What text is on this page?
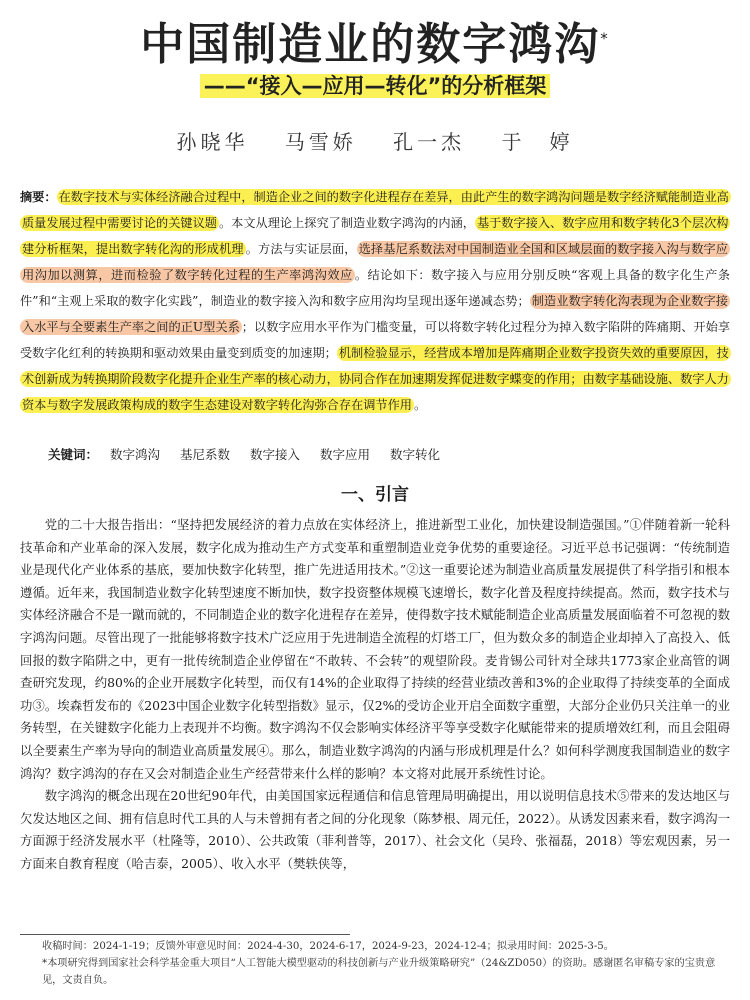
中国制造业的数字鸿沟*
——“接入—应用—转化”的分析框架
孙晓华 马雪娇 孔一杰 于　婷
摘要： 在数字技术与实体经济融合过程中，制造企业之间的数字化进程存在差异，由此产生的数字鸿沟问题是数字经济赋能制造业高质量发展过程中需要讨论的关键议题 。本文从理论上探究了制造业数字鸿沟的内涵， 基于数字接入、数字应用和数字转化3个层次构建分析框架，提出数字转化沟的形成机理 。方法与实证层面， 选择基尼系数法对中国制造业全国和区域层面的数字接入沟与数字应用沟加以测算，进而检验了数字转化过程的生产率鸿沟效应 。结论如下：数字接入与应用分别反映“客观上具备的数字化生产条件”和“主观上采取的数字化实践”，制造业的数字接入沟和数字应用沟均呈现出逐年递减态势； 制造业数字转化沟表现为企业数字接入水平与全要素生产率之间的正U型关系 ；以数字应用水平作为门槛变量，可以将数字转化过程分为掉入数字陷阱的阵痛期、开始享受数字化红利的转换期和驱动效果由量变到质变的加速期； 机制检验显示，经营成本增加是阵痛期企业数字投资失效的重要原因，技术创新成为转换期阶段数字化提升企业生产率的核心动力，协同合作在加速期发挥促进数字蝶变的作用；由数字基础设施、数字人力资本与数字发展政策构成的数字生态建设对数字转化沟弥合存在调节作用 。
关键词： 数字鸿沟 基尼系数 数字接入 数字应用 数字转化
一、引言

党的二十大报告指出：“坚持把发展经济的着力点放在实体经济上，推进新型工业化，加快建设制造强国。”①伴随着新一轮科技革命和产业革命的深入发展，数字化成为推动生产方式变革和重塑制造业竞争优势的重要途径。习近平总书记强调：“传统制造业是现代化产业体系的基底，要加快数字化转型，推广先进适用技术。”②这一重要论述为制造业高质量发展提供了科学指引和根本遵循。近年来，我国制造业数字化转型速度不断加快，数字投资整体规模飞速增长，数字化普及程度持续提高。然而，数字技术与实体经济融合不是一蹴而就的，不同制造企业的数字化进程存在差异，使得数字技术赋能制造企业高质量发展面临着不可忽视的数字鸿沟问题。尽管出现了一批能够将数字技术广泛应用于先进制造全流程的灯塔工厂，但为数众多的制造企业却掉入了高投入、低回报的数字陷阱之中，更有一批传统制造企业停留在“不敢转、不会转”的观望阶段。麦肯锡公司针对全球共1773家企业高管的调查研究发现，约80%的企业开展数字化转型，而仅有14%的企业取得了持续的经营业绩改善和3%的企业取得了持续变革的全面成功③。埃森哲发布的《2023中国企业数字化转型指数》显示，仅2%的受访企业开启全面数字重塑，大部分企业仍只关注单一的业务转型，在关键数字化能力上表现并不均衡。数字鸿沟不仅会影响实体经济平等享受数字化赋能带来的提质增效红利，而且会阻碍以全要素生产率为导向的制造业高质量发展④。那么，制造业数字鸿沟的内涵与形成机理是什么？如何科学测度我国制造业的数字鸿沟？数字鸿沟的存在又会对制造企业生产经营带来什么样的影响？本文将对此展开系统性讨论。

数字鸿沟的概念出现在20世纪90年代，由美国国家远程通信和信息管理局明确提出，用以说明信息技术⑤带来的发达地区与欠发达地区之间、拥有信息时代工具的人与未曾拥有者之间的分化现象（陈梦根、周元任，2022）。从诱发因素来看，数字鸿沟一方面源于经济发展水平（杜隆等，2010）、公共政策（菲利普等，2017）、社会文化（吴玲、张福磊，2018）等宏观因素，另一方面来自教育程度（哈吉泰，2005）、收入水平（樊轶侠等，

收稿时间：2024-1-19；反馈外审意见时间：2024-4-30，2024-6-17，2024-9-23，2024-12-4；拟录用时间：2025-3-5。
*本项研究得到国家社会科学基金重大项目“人工智能大模型驱动的科技创新与产业升级策略研究”（24&ZD050）的资助。感谢匿名审稿专家的宝贵意见，文责自负。
